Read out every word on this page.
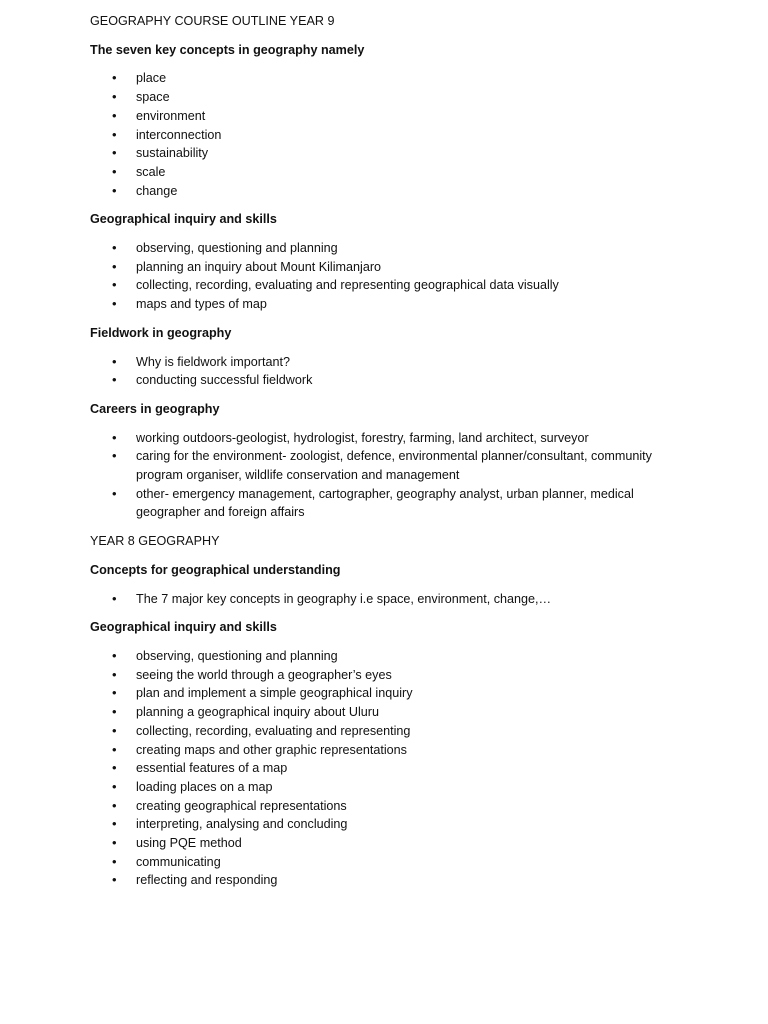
GEOGRAPHY COURSE OUTLINE YEAR 9

The seven key concepts in geography namely

• place
• space
• environment
• interconnection
• sustainability
• scale
• change

Geographical inquiry and skills

• observing, questioning and planning
• planning an inquiry about Mount Kilimanjaro
• collecting, recording, evaluating and representing geographical data visually
• maps and types of map

Fieldwork in geography

• Why is fieldwork important?
• conducting successful fieldwork

Careers in geography

• working outdoors-geologist, hydrologist, forestry, farming, land architect, surveyor
• caring for the environment- zoologist, defence, environmental planner/consultant, community program organiser, wildlife conservation and management
• other- emergency management, cartographer, geography analyst, urban planner, medical geographer and foreign affairs

YEAR 8 GEOGRAPHY

Concepts for geographical understanding

• The 7 major key concepts in geography i.e space, environment, change,…

Geographical inquiry and skills

• observing, questioning and planning
• seeing the world through a geographer’s eyes
• plan and implement a simple geographical inquiry
• planning a geographical inquiry about Uluru
• collecting, recording, evaluating and representing
• creating maps and other graphic representations
• essential features of a map
• loading places on a map
• creating geographical representations
• interpreting, analysing and concluding
• using PQE method
• communicating
• reflecting and responding
